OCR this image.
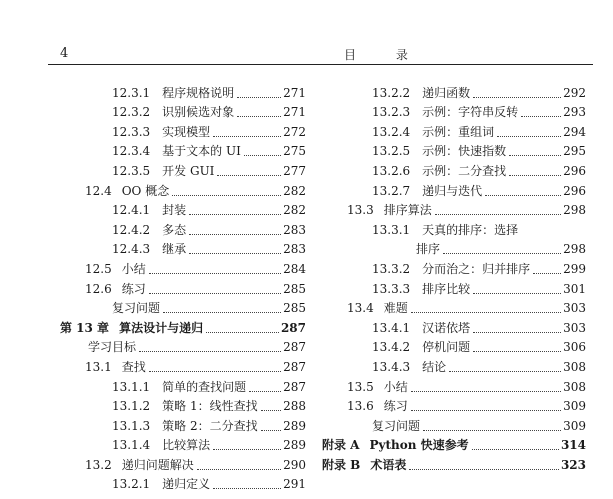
4	目 录
12.3.1 程序规格说明	271
12.3.2 识别候选对象	271
12.3.3 实现模型	272
12.3.4 基于文本的 UI	275
12.3.5 开发 GUI	277
12.4 OO 概念	282
12.4.1 封装	282
12.4.2 多态	283
12.4.3 继承	283
12.5 小结	284
12.6 练习	285
复习问题	285
第 13 章 算法设计与递归	287
学习目标	287
13.1 查找	287
13.1.1 简单的查找问题	287
13.1.2 策略 1：线性查找 288
13.1.3 策略 2：二分查找 289
13.1.4 比较算法	289
13.2 递归问题解决	290
13.2.1 递归定义	291
13.2.2 递归函数	292
13.2.3 示例：字符串反转	293
13.2.4 示例：重组词	294
13.2.5 示例：快速指数	295
13.2.6 示例：二分查找	296
13.2.7 递归与迭代	296
13.3 排序算法	298
13.3.1 天真的排序：选择
排序	298
13.3.2 分而治之：归并排序	299
13.3.3 排序比较	301
13.4 难题	303
13.4.1 汉诺依塔	303
13.4.2 停机问题	306
13.4.3 结论	308
13.5 小结	308
13.6 练习	309
复习问题	309
附录 A Python 快速参考	314
附录 B 术语表	323
